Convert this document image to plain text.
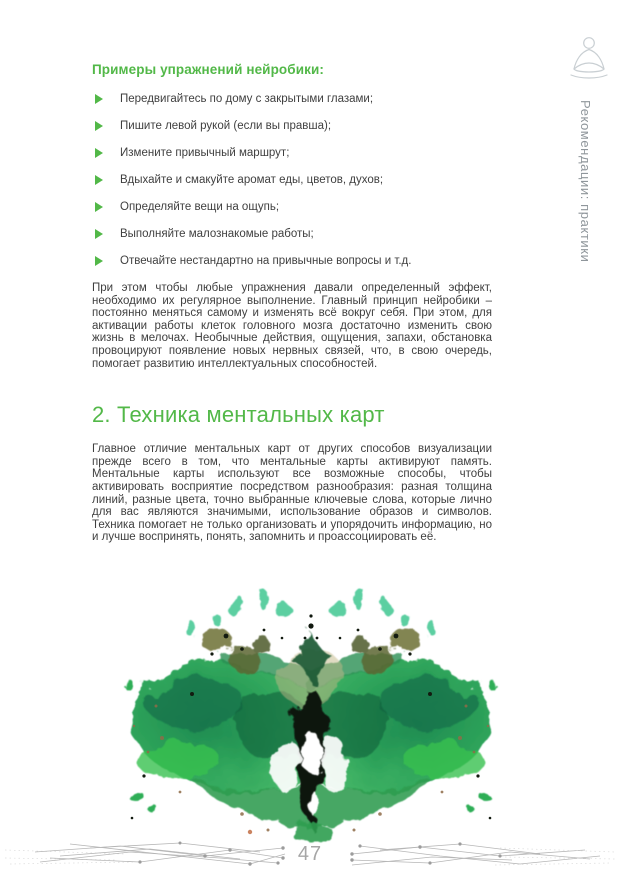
Примеры упражнений нейробики:
Передвигайтесь по дому с закрытыми глазами;
Пишите левой рукой (если вы правша);
Измените привычный маршрут;
Вдыхайте и смакуйте аромат еды, цветов, духов;
Определяйте вещи на ощупь;
Выполняйте малознакомые работы;
Отвечайте нестандартно на привычные вопросы и т.д.

При этом чтобы любые упражнения давали определенный эффект, необходимо их регулярное выполнение. Главный принцип нейробики – постоянно меняться самому и изменять всё вокруг себя. При этом, для активации работы клеток головного мозга достаточно изменить свою жизнь в мелочах. Необычные действия, ощущения, запахи, обстановка провоцируют появление новых нервных связей, что, в свою очередь, помогает развитию интеллектуальных способностей.

2. Техника ментальных карт

Главное отличие ментальных карт от других способов визуализации прежде всего в том, что ментальные карты активируют память. Ментальные карты используют все возможные способы, чтобы активировать восприятие посредством разнообразия: разная толщина линий, разные цвета, точно выбранные ключевые слова, которые лично для вас являются значимыми, использование образов и символов. Техника помогает не только организовать и упорядочить информацию, но и лучше воспринять, понять, запомнить и проассоциировать её.

Рекомендации: практики
47
